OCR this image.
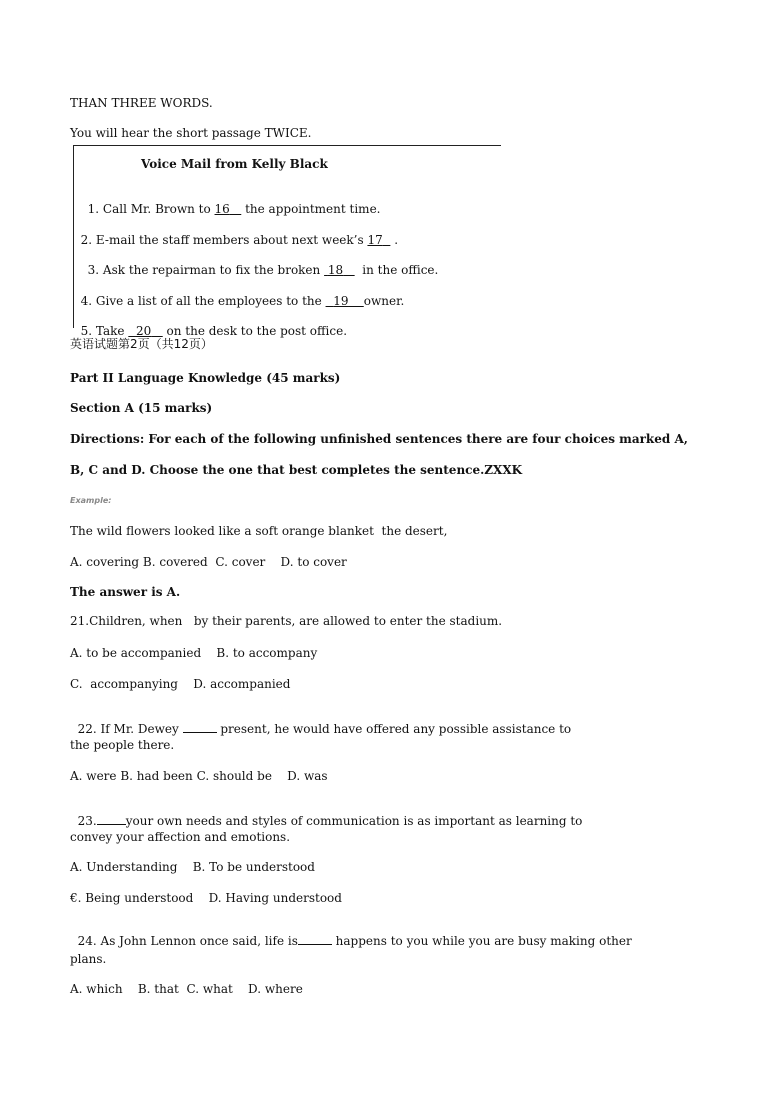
THAN THREE WORDS.
You will hear the short passage TWICE.
Voice Mail from Kelly Black

1. Call Mr. Brown to 16    the appointment time.

2. E-mail the staff members about next week’s 17   .

3. Ask the repairman to fix the broken  18     in the office.

4. Give a list of all the employees to the   19 owner.

5. Take   20    on the desk to the post office.

英语试题第2页（共12页）
Part II Language Knowledge (45 marks)
Section A (15 marks)
Directions: For each of the following unfinished sentences there are four choices marked A,
B, C and D. Choose the one that best completes the sentence.ZXXK
Example:
The wild flowers looked like a soft orange blanket  the desert,
A. covering B. covered  C. cover    D. to cover
The answer is A.
21.Children, when   by their parents, are allowed to enter the stadium.
A. to be accompanied    B. to accompany
C.  accompanying    D. accompanied

22. If Mr. Dewey	present, he would have offered any possible assistance to

the people there.
A. were B. had been C. should be    D. was

23. your own needs and styles of communication is as important as learning to

convey your affection and emotions.
A. Understanding    B. To be understood
€. Being understood    D. Having understood

24. As John Lennon once said, life is	happens to you while you are busy making other

plans.
A. which    B. that  C. what    D. where
